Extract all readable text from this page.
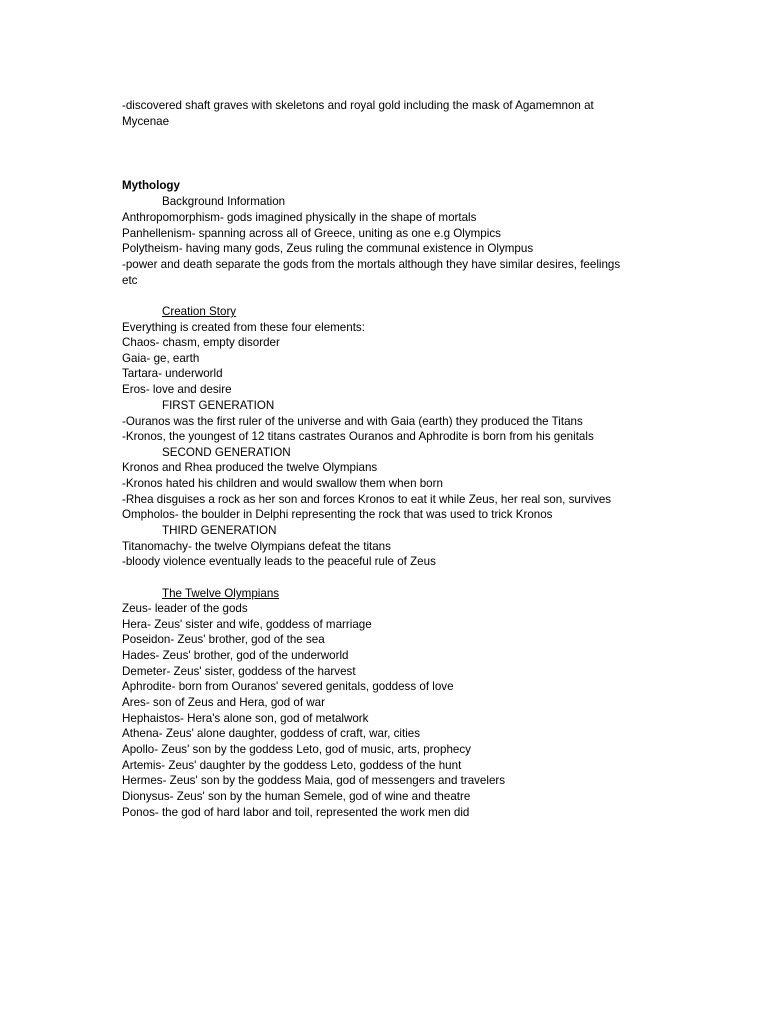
-discovered shaft graves with skeletons and royal gold including the mask of Agamemnon at
Mycenae
Mythology
Background Information
Anthropomorphism- gods imagined physically in the shape of mortals
Panhellenism- spanning across all of Greece, uniting as one e.g Olympics
Polytheism- having many gods, Zeus ruling the communal existence in Olympus
-power and death separate the gods from the mortals although they have similar desires, feelings
etc
Creation Story
Everything is created from these four elements:
Chaos- chasm, empty disorder
Gaia- ge, earth
Tartara- underworld
Eros- love and desire
FIRST GENERATION
-Ouranos was the first ruler of the universe and with Gaia (earth) they produced the Titans
-Kronos, the youngest of 12 titans castrates Ouranos and Aphrodite is born from his genitals
SECOND GENERATION
Kronos and Rhea produced the twelve Olympians
-Kronos hated his children and would swallow them when born
-Rhea disguises a rock as her son and forces Kronos to eat it while Zeus, her real son, survives
Ompholos- the boulder in Delphi representing the rock that was used to trick Kronos
THIRD GENERATION
Titanomachy- the twelve Olympians defeat the titans
-bloody violence eventually leads to the peaceful rule of Zeus
The Twelve Olympians
Zeus- leader of the gods
Hera- Zeus' sister and wife, goddess of marriage
Poseidon- Zeus' brother, god of the sea
Hades- Zeus' brother, god of the underworld
Demeter- Zeus' sister, goddess of the harvest
Aphrodite- born from Ouranos' severed genitals, goddess of love
Ares- son of Zeus and Hera, god of war
Hephaistos- Hera's alone son, god of metalwork
Athena- Zeus' alone daughter, goddess of craft, war, cities
Apollo- Zeus' son by the goddess Leto, god of music, arts, prophecy
Artemis- Zeus' daughter by the goddess Leto, goddess of the hunt
Hermes- Zeus' son by the goddess Maia, god of messengers and travelers
Dionysus- Zeus' son by the human Semele, god of wine and theatre
Ponos- the god of hard labor and toil, represented the work men did
